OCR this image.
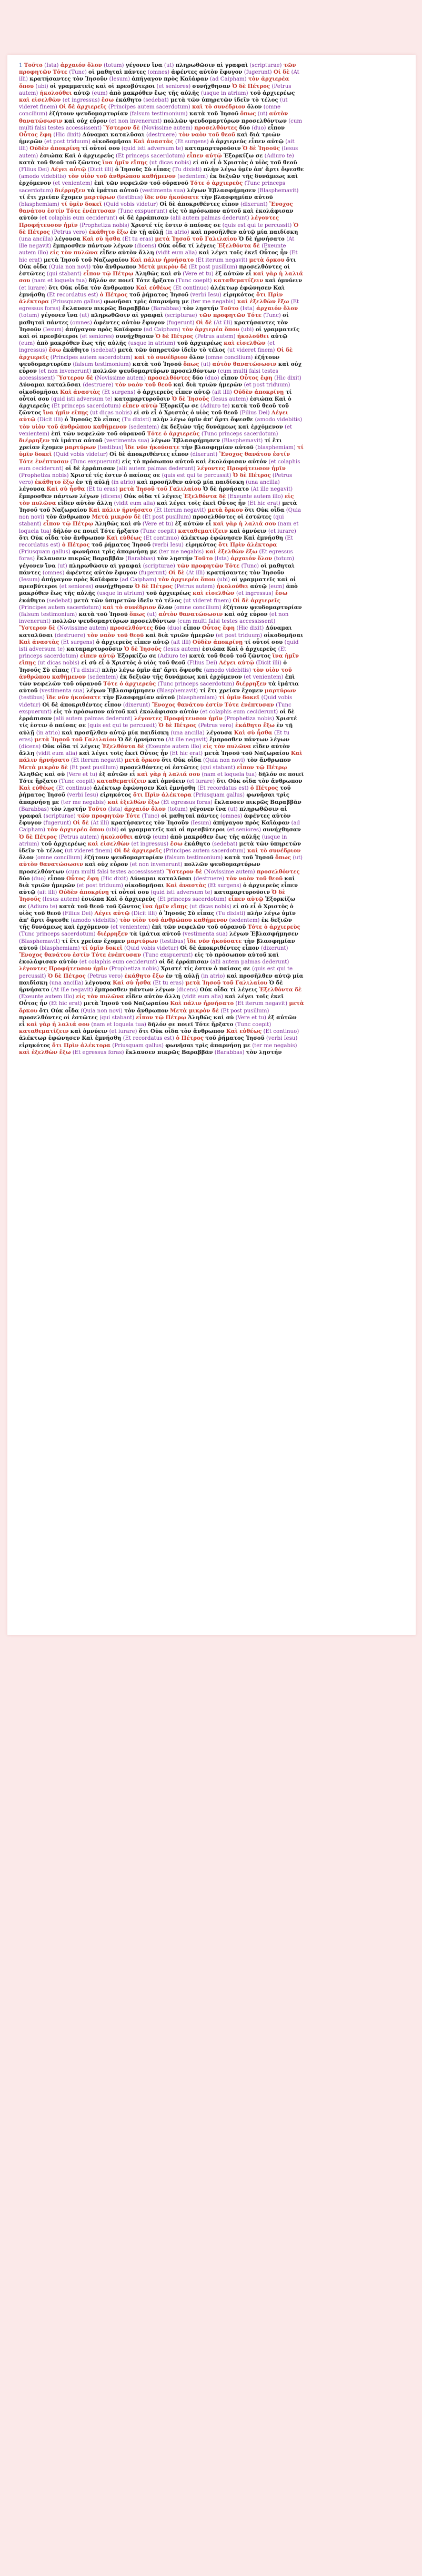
1 Τοῦτο (Ista) ἀρχαιόν ὅλον (totum) γέγονεν ἵνα (ut) πληρωθῶσιν αἱ γραφαὶ (scripturae) τῶν προφητῶν Τότε (Tunc) οἱ μαθηταὶ πάντες (omnes) ἀφέντες αὐτὸν ἔφυγον (fugerunt) Οἱ δὲ (At illi) κρατήσαντες τὸν Ἰησοῦν (Iesum) ἀπήγαγον πρὸς Καϊάφαν (ad Caipham) τὸν ἀρχιερέα ὅπου (ubi) οἱ γραμματεῖς καὶ οἱ πρεσβύτεροι (et seniores) συνήχθησαν Ὁ δὲ Πέτρος (Petrus autem) ἠκολούθει αὐτῷ (eum) ἀπὸ μακρόθεν ἕως τῆς αὐλῆς (usque in atrium) τοῦ ἀρχιερέως καὶ εἰσελθὼν (et ingressus) ἔσω ἐκάθητο (sedebat) μετὰ τῶν ὑπηρετῶν ἰδεῖν τὸ τέλος (ut videret finem) Οἱ δὲ ἀρχιερεῖς (Principes autem sacerdotum) καὶ τὸ συνέδριον ὅλον (omne concilium) ἐζήτουν ψευδομαρτυρίαν (falsum testimonium) κατὰ τοῦ Ἰησοῦ ὅπως (ut) αὐτὸν θανατώσωσιν καὶ οὐχ εὗρον (et non invenerunt) πολλῶν ψευδομαρτύρων προσελθόντων (cum multi falsi testes accessissent) Ὕστερον δὲ (Novissime autem) προσελθόντες δύο (duo) εἶπον Οὗτος ἔφη (Hic dixit) Δύναμαι καταλῦσαι (destruere) τὸν ναὸν τοῦ θεοῦ καὶ διὰ τριῶν ἡμερῶν (et post triduum) οἰκοδομῆσαι Καὶ ἀναστὰς (Et surgens) ὁ ἀρχιερεὺς εἶπεν αὐτῷ (ait illi) Οὐδὲν ἀποκρίνῃ τί οὗτοί σου (quid isti adversum te) καταμαρτυροῦσιν Ὁ δὲ Ἰησοῦς (Iesus autem) ἐσιώπα Καὶ ὁ ἀρχιερεὺς (Et princeps sacerdotum) εἶπεν αὐτῷ Ἐξορκίζω σε (Adiuro te) κατὰ τοῦ θεοῦ τοῦ ζῶντος ἵνα ἡμῖν εἴπῃς (ut dicas nobis) εἰ σὺ εἶ ὁ Χριστὸς ὁ υἱὸς τοῦ θεοῦ (Filius Dei) Λέγει αὐτῷ (Dicit illi) ὁ Ἰησοῦς Σὺ εἶπας (Tu dixisti) πλὴν λέγω ὑμῖν ἀπ' ἄρτι ὄψεσθε (amodo videbitis) τὸν υἱὸν τοῦ ἀνθρώπου καθήμενον (sedentem) ἐκ δεξιῶν τῆς δυνάμεως καὶ ἐρχόμενον (et venientem) ἐπὶ τῶν νεφελῶν τοῦ οὐρανοῦ Τότε ὁ ἀρχιερεὺς (Tunc princeps sacerdotum) διέρρηξεν τὰ ἱμάτια αὐτοῦ (vestimenta sua) λέγων Ἐβλασφήμησεν (Blasphemavit) τί ἔτι χρείαν ἔχομεν μαρτύρων (testibus) ἴδε νῦν ἠκούσατε τὴν βλασφημίαν αὐτοῦ (blasphemiam) τί ὑμῖν δοκεῖ (Quid vobis videtur) Οἱ δὲ ἀποκριθέντες εἶπον (dixerunt) Ἔνοχος θανάτου ἐστίν Τότε ἐνέπτυσαν (Tunc exspuerunt) εἰς τὸ πρόσωπον αὐτοῦ καὶ ἐκολάφισαν αὐτόν (et colaphis eum ceciderunt) οἱ δὲ ἐρράπισαν (alii autem palmas dederunt) λέγοντες Προφήτευσον ἡμῖν (Prophetiza nobis) Χριστέ τίς ἐστιν ὁ παίσας σε (quis est qui te percussit) Ὁ δὲ Πέτρος (Petrus vero) ἐκάθητο ἔξω ἐν τῇ αὐλῇ (in atrio) καὶ προσῆλθεν αὐτῷ μία παιδίσκη (una ancilla) λέγουσα Καὶ σὺ ἦσθα (Et tu eras) μετὰ Ἰησοῦ τοῦ Γαλιλαίου Ὁ δὲ ἠρνήσατο (At ille negavit) ἔμπροσθεν πάντων λέγων (dicens) Οὐκ οἶδα τί λέγεις Ἐξελθόντα δὲ (Exeunte autem illo) εἰς τὸν πυλῶνα εἶδεν αὐτὸν ἄλλη (vidit eum alia) καὶ λέγει τοῖς ἐκεῖ Οὗτος ἦν (Et hic erat) μετὰ Ἰησοῦ τοῦ Ναζωραίου Καὶ πάλιν ἠρνήσατο (Et iterum negavit) μετὰ ὅρκου ὅτι Οὐκ οἶδα (Quia non novi) τὸν ἄνθρωπον Μετὰ μικρὸν δὲ (Et post pusillum) προσελθόντες οἱ ἑστῶτες (qui stabant) εἶπον τῷ Πέτρῳ Ἀληθῶς καὶ σὺ (Vere et tu) ἐξ αὐτῶν εἶ καὶ γὰρ ἡ λαλιά σου (nam et loquela tua) δῆλόν σε ποιεῖ Τότε ἤρξατο (Tunc coepit) καταθεματίζειν καὶ ὀμνύειν (et iurare) ὅτι Οὐκ οἶδα τὸν ἄνθρωπον Καὶ εὐθέως (Et continuo) ἀλέκτωρ ἐφώνησεν Καὶ ἐμνήσθη (Et recordatus est) ὁ Πέτρος τοῦ ῥήματος Ἰησοῦ (verbi Iesu) εἰρηκότος ὅτι Πρὶν ἀλέκτορα (Priusquam gallus) φωνῆσαι τρὶς ἀπαρνήσῃ με (ter me negabis) καὶ ἐξελθὼν ἔξω (Et egressus foras) ἔκλαυσεν πικρῶς Βαραββᾶν (Barabbas) τὸν λῃστήν Τοῦτο (Ista) ἀρχαιόν ὅλον (totum) γέγονεν ἵνα (ut) πληρωθῶσιν αἱ γραφαὶ (scripturae) τῶν προφητῶν Τότε (Tunc) οἱ μαθηταὶ πάντες (omnes) ἀφέντες αὐτὸν ἔφυγον (fugerunt) Οἱ δὲ (At illi) κρατήσαντες τὸν Ἰησοῦν (Iesum) ἀπήγαγον πρὸς Καϊάφαν (ad Caipham) τὸν ἀρχιερέα ὅπου (ubi) οἱ γραμματεῖς καὶ οἱ πρεσβύτεροι (et seniores) συνήχθησαν Ὁ δὲ Πέτρος (Petrus autem) ἠκολούθει αὐτῷ (eum) ἀπὸ μακρόθεν ἕως τῆς αὐλῆς (usque in atrium) τοῦ ἀρχιερέως καὶ εἰσελθὼν (et ingressus) ἔσω ἐκάθητο (sedebat) μετὰ τῶν ὑπηρετῶν ἰδεῖν τὸ τέλος (ut videret finem) Οἱ δὲ ἀρχιερεῖς (Principes autem sacerdotum) καὶ τὸ συνέδριον ὅλον (omne concilium) ἐζήτουν ψευδομαρτυρίαν (falsum testimonium) κατὰ τοῦ Ἰησοῦ ὅπως (ut) αὐτὸν θανατώσωσιν καὶ οὐχ εὗρον (et non invenerunt) πολλῶν ψευδομαρτύρων προσελθόντων (cum multi falsi testes accessissent) Ὕστερον δὲ (Novissime autem) προσελθόντες δύο (duo) εἶπον Οὗτος ἔφη (Hic dixit) Δύναμαι καταλῦσαι (destruere) τὸν ναὸν τοῦ θεοῦ καὶ διὰ τριῶν ἡμερῶν (et post triduum) οἰκοδομῆσαι Καὶ ἀναστὰς (Et surgens) ὁ ἀρχιερεὺς εἶπεν αὐτῷ (ait illi) Οὐδὲν ἀποκρίνῃ τί οὗτοί σου (quid isti adversum te) καταμαρτυροῦσιν Ὁ δὲ Ἰησοῦς (Iesus autem) ἐσιώπα Καὶ ὁ ἀρχιερεὺς (Et princeps sacerdotum) εἶπεν αὐτῷ Ἐξορκίζω σε (Adiuro te) κατὰ τοῦ θεοῦ τοῦ ζῶντος ἵνα ἡμῖν εἴπῃς (ut dicas nobis) εἰ σὺ εἶ ὁ Χριστὸς ὁ υἱὸς τοῦ θεοῦ (Filius Dei) Λέγει αὐτῷ (Dicit illi) ὁ Ἰησοῦς Σὺ εἶπας (Tu dixisti) πλὴν λέγω ὑμῖν ἀπ' ἄρτι ὄψεσθε (amodo videbitis) τὸν υἱὸν τοῦ ἀνθρώπου καθήμενον (sedentem) ἐκ δεξιῶν τῆς δυνάμεως καὶ ἐρχόμενον (et venientem) ἐπὶ τῶν νεφελῶν τοῦ οὐρανοῦ Τότε ὁ ἀρχιερεὺς (Tunc princeps sacerdotum) διέρρηξεν τὰ ἱμάτια αὐτοῦ (vestimenta sua) λέγων Ἐβλασφήμησεν (Blasphemavit) τί ἔτι χρείαν ἔχομεν μαρτύρων (testibus) ἴδε νῦν ἠκούσατε τὴν βλασφημίαν αὐτοῦ (blasphemiam) τί ὑμῖν δοκεῖ (Quid vobis videtur) Οἱ δὲ ἀποκριθέντες εἶπον (dixerunt) Ἔνοχος θανάτου ἐστίν Τότε ἐνέπτυσαν (Tunc exspuerunt) εἰς τὸ πρόσωπον αὐτοῦ καὶ ἐκολάφισαν αὐτόν (et colaphis eum ceciderunt) οἱ δὲ ἐρράπισαν (alii autem palmas dederunt) λέγοντες Προφήτευσον ἡμῖν (Prophetiza nobis) Χριστέ τίς ἐστιν ὁ παίσας σε (quis est qui te percussit) Ὁ δὲ Πέτρος (Petrus vero) ἐκάθητο ἔξω ἐν τῇ αὐλῇ (in atrio) καὶ προσῆλθεν αὐτῷ μία παιδίσκη (una ancilla) λέγουσα Καὶ σὺ ἦσθα (Et tu eras) μετὰ Ἰησοῦ τοῦ Γαλιλαίου Ὁ δὲ ἠρνήσατο (At ille negavit) ἔμπροσθεν πάντων λέγων (dicens) Οὐκ οἶδα τί λέγεις Ἐξελθόντα δὲ (Exeunte autem illo) εἰς τὸν πυλῶνα εἶδεν αὐτὸν ἄλλη (vidit eum alia) καὶ λέγει τοῖς ἐκεῖ Οὗτος ἦν (Et hic erat) μετὰ Ἰησοῦ τοῦ Ναζωραίου Καὶ πάλιν ἠρνήσατο (Et iterum negavit) μετὰ ὅρκου ὅτι Οὐκ οἶδα (Quia non novi) τὸν ἄνθρωπον Μετὰ μικρὸν δὲ (Et post pusillum) προσελθόντες οἱ ἑστῶτες (qui stabant) εἶπον τῷ Πέτρῳ Ἀληθῶς καὶ σὺ (Vere et tu) ἐξ αὐτῶν εἶ καὶ γὰρ ἡ λαλιά σου (nam et loquela tua) δῆλόν σε ποιεῖ Τότε ἤρξατο (Tunc coepit) καταθεματίζειν καὶ ὀμνύειν (et iurare) ὅτι Οὐκ οἶδα τὸν ἄνθρωπον Καὶ εὐθέως (Et continuo) ἀλέκτωρ ἐφώνησεν Καὶ ἐμνήσθη (Et recordatus est) ὁ Πέτρος τοῦ ῥήματος Ἰησοῦ (verbi Iesu) εἰρηκότος ὅτι Πρὶν ἀλέκτορα (Priusquam gallus) φωνῆσαι τρὶς ἀπαρνήσῃ με (ter me negabis) καὶ ἐξελθὼν ἔξω (Et egressus foras) ἔκλαυσεν πικρῶς Βαραββᾶν (Barabbas) τὸν λῃστήν Τοῦτο (Ista) ἀρχαιόν ὅλον (totum) γέγονεν ἵνα (ut) πληρωθῶσιν αἱ γραφαὶ (scripturae) τῶν προφητῶν Τότε (Tunc) οἱ μαθηταὶ πάντες (omnes) ἀφέντες αὐτὸν ἔφυγον (fugerunt) Οἱ δὲ (At illi) κρατήσαντες τὸν Ἰησοῦν (Iesum) ἀπήγαγον πρὸς Καϊάφαν (ad Caipham) τὸν ἀρχιερέα ὅπου (ubi) οἱ γραμματεῖς καὶ οἱ πρεσβύτεροι (et seniores) συνήχθησαν Ὁ δὲ Πέτρος (Petrus autem) ἠκολούθει αὐτῷ (eum) ἀπὸ μακρόθεν ἕως τῆς αὐλῆς (usque in atrium) τοῦ ἀρχιερέως καὶ εἰσελθὼν (et ingressus) ἔσω ἐκάθητο (sedebat) μετὰ τῶν ὑπηρετῶν ἰδεῖν τὸ τέλος (ut videret finem) Οἱ δὲ ἀρχιερεῖς (Principes autem sacerdotum) καὶ τὸ συνέδριον ὅλον (omne concilium) ἐζήτουν ψευδομαρτυρίαν (falsum testimonium) κατὰ τοῦ Ἰησοῦ ὅπως (ut) αὐτὸν θανατώσωσιν καὶ οὐχ εὗρον (et non invenerunt) πολλῶν ψευδομαρτύρων προσελθόντων (cum multi falsi testes accessissent) Ὕστερον δὲ (Novissime autem) προσελθόντες δύο (duo) εἶπον Οὗτος ἔφη (Hic dixit) Δύναμαι καταλῦσαι (destruere) τὸν ναὸν τοῦ θεοῦ καὶ διὰ τριῶν ἡμερῶν (et post triduum) οἰκοδομῆσαι Καὶ ἀναστὰς (Et surgens) ὁ ἀρχιερεὺς εἶπεν αὐτῷ (ait illi) Οὐδὲν ἀποκρίνῃ τί οὗτοί σου (quid isti adversum te) καταμαρτυροῦσιν Ὁ δὲ Ἰησοῦς (Iesus autem) ἐσιώπα Καὶ ὁ ἀρχιερεὺς (Et princeps sacerdotum) εἶπεν αὐτῷ Ἐξορκίζω σε (Adiuro te) κατὰ τοῦ θεοῦ τοῦ ζῶντος ἵνα ἡμῖν εἴπῃς (ut dicas nobis) εἰ σὺ εἶ ὁ Χριστὸς ὁ υἱὸς τοῦ θεοῦ (Filius Dei) Λέγει αὐτῷ (Dicit illi) ὁ Ἰησοῦς Σὺ εἶπας (Tu dixisti) πλὴν λέγω ὑμῖν ἀπ' ἄρτι ὄψεσθε (amodo videbitis) τὸν υἱὸν τοῦ ἀνθρώπου καθήμενον (sedentem) ἐκ δεξιῶν τῆς δυνάμεως καὶ ἐρχόμενον (et venientem) ἐπὶ τῶν νεφελῶν τοῦ οὐρανοῦ Τότε ὁ ἀρχιερεὺς (Tunc princeps sacerdotum) διέρρηξεν τὰ ἱμάτια αὐτοῦ (vestimenta sua) λέγων Ἐβλασφήμησεν (Blasphemavit) τί ἔτι χρείαν ἔχομεν μαρτύρων (testibus) ἴδε νῦν ἠκούσατε τὴν βλασφημίαν αὐτοῦ (blasphemiam) τί ὑμῖν δοκεῖ (Quid vobis videtur) Οἱ δὲ ἀποκριθέντες εἶπον (dixerunt) Ἔνοχος θανάτου ἐστίν Τότε ἐνέπτυσαν (Tunc exspuerunt) εἰς τὸ πρόσωπον αὐτοῦ καὶ ἐκολάφισαν αὐτόν (et colaphis eum ceciderunt) οἱ δὲ ἐρράπισαν (alii autem palmas dederunt) λέγοντες Προφήτευσον ἡμῖν (Prophetiza nobis) Χριστέ τίς ἐστιν ὁ παίσας σε (quis est qui te percussit) Ὁ δὲ Πέτρος (Petrus vero) ἐκάθητο ἔξω ἐν τῇ αὐλῇ (in atrio) καὶ προσῆλθεν αὐτῷ μία παιδίσκη (una ancilla) λέγουσα Καὶ σὺ ἦσθα (Et tu eras) μετὰ Ἰησοῦ τοῦ Γαλιλαίου Ὁ δὲ ἠρνήσατο (At ille negavit) ἔμπροσθεν πάντων λέγων (dicens) Οὐκ οἶδα τί λέγεις Ἐξελθόντα δὲ (Exeunte autem illo) εἰς τὸν πυλῶνα εἶδεν αὐτὸν ἄλλη (vidit eum alia) καὶ λέγει τοῖς ἐκεῖ Οὗτος ἦν (Et hic erat) μετὰ Ἰησοῦ τοῦ Ναζωραίου Καὶ πάλιν ἠρνήσατο (Et iterum negavit) μετὰ ὅρκου ὅτι Οὐκ οἶδα (Quia non novi) τὸν ἄνθρωπον Μετὰ μικρὸν δὲ (Et post pusillum) προσελθόντες οἱ ἑστῶτες (qui stabant) εἶπον τῷ Πέτρῳ Ἀληθῶς καὶ σὺ (Vere et tu) ἐξ αὐτῶν εἶ καὶ γὰρ ἡ λαλιά σου (nam et loquela tua) δῆλόν σε ποιεῖ Τότε ἤρξατο (Tunc coepit) καταθεματίζειν καὶ ὀμνύειν (et iurare) ὅτι Οὐκ οἶδα τὸν ἄνθρωπον Καὶ εὐθέως (Et continuo) ἀλέκτωρ ἐφώνησεν Καὶ ἐμνήσθη (Et recordatus est) ὁ Πέτρος τοῦ ῥήματος Ἰησοῦ (verbi Iesu) εἰρηκότος ὅτι Πρὶν ἀλέκτορα (Priusquam gallus) φωνῆσαι τρὶς ἀπαρνήσῃ με (ter me negabis) καὶ ἐξελθὼν ἔξω (Et egressus foras) ἔκλαυσεν πικρῶς Βαραββᾶν (Barabbas) τὸν λῃστήν Τοῦτο (Ista) ἀρχαιόν ὅλον (totum) γέγονεν ἵνα (ut) πληρωθῶσιν αἱ γραφαὶ (scripturae) τῶν προφητῶν Τότε (Tunc) οἱ μαθηταὶ πάντες (omnes) ἀφέντες αὐτὸν ἔφυγον (fugerunt) Οἱ δὲ (At illi) κρατήσαντες τὸν Ἰησοῦν (Iesum) ἀπήγαγον πρὸς Καϊάφαν (ad Caipham) τὸν ἀρχιερέα ὅπου (ubi) οἱ γραμματεῖς καὶ οἱ πρεσβύτεροι (et seniores) συνήχθησαν Ὁ δὲ Πέτρος (Petrus autem) ἠκολούθει αὐτῷ (eum) ἀπὸ μακρόθεν ἕως τῆς αὐλῆς (usque in atrium) τοῦ ἀρχιερέως καὶ εἰσελθὼν (et ingressus) ἔσω ἐκάθητο (sedebat) μετὰ τῶν ὑπηρετῶν ἰδεῖν τὸ τέλος (ut videret finem) Οἱ δὲ ἀρχιερεῖς (Principes autem sacerdotum) καὶ τὸ συνέδριον ὅλον (omne concilium) ἐζήτουν ψευδομαρτυρίαν (falsum testimonium) κατὰ τοῦ Ἰησοῦ ὅπως (ut) αὐτὸν θανατώσωσιν καὶ οὐχ εὗρον (et non invenerunt) πολλῶν ψευδομαρτύρων προσελθόντων (cum multi falsi testes accessissent) Ὕστερον δὲ (Novissime autem) προσελθόντες δύο (duo) εἶπον Οὗτος ἔφη (Hic dixit) Δύναμαι καταλῦσαι (destruere) τὸν ναὸν τοῦ θεοῦ καὶ διὰ τριῶν ἡμερῶν (et post triduum) οἰκοδομῆσαι Καὶ ἀναστὰς (Et surgens) ὁ ἀρχιερεὺς εἶπεν αὐτῷ (ait illi) Οὐδὲν ἀποκρίνῃ τί οὗτοί σου (quid isti adversum te) καταμαρτυροῦσιν Ὁ δὲ Ἰησοῦς (Iesus autem) ἐσιώπα Καὶ ὁ ἀρχιερεὺς (Et princeps sacerdotum) εἶπεν αὐτῷ Ἐξορκίζω σε (Adiuro te) κατὰ τοῦ θεοῦ τοῦ ζῶντος ἵνα ἡμῖν εἴπῃς (ut dicas nobis) εἰ σὺ εἶ ὁ Χριστὸς ὁ υἱὸς τοῦ θεοῦ (Filius Dei) Λέγει αὐτῷ (Dicit illi) ὁ Ἰησοῦς Σὺ εἶπας (Tu dixisti) πλὴν λέγω ὑμῖν ἀπ' ἄρτι ὄψεσθε (amodo videbitis) τὸν υἱὸν τοῦ ἀνθρώπου καθήμενον (sedentem) ἐκ δεξιῶν τῆς δυνάμεως καὶ ἐρχόμενον (et venientem) ἐπὶ τῶν νεφελῶν τοῦ οὐρανοῦ Τότε ὁ ἀρχιερεὺς (Tunc princeps sacerdotum) διέρρηξεν τὰ ἱμάτια αὐτοῦ (vestimenta sua) λέγων Ἐβλασφήμησεν (Blasphemavit) τί ἔτι χρείαν ἔχομεν μαρτύρων (testibus) ἴδε νῦν ἠκούσατε τὴν βλασφημίαν αὐτοῦ (blasphemiam) τί ὑμῖν δοκεῖ (Quid vobis videtur) Οἱ δὲ ἀποκριθέντες εἶπον (dixerunt) Ἔνοχος θανάτου ἐστίν Τότε ἐνέπτυσαν (Tunc exspuerunt) εἰς τὸ πρόσωπον αὐτοῦ καὶ ἐκολάφισαν αὐτόν (et colaphis eum ceciderunt) οἱ δὲ ἐρράπισαν (alii autem palmas dederunt) λέγοντες Προφήτευσον ἡμῖν (Prophetiza nobis) Χριστέ τίς ἐστιν ὁ παίσας σε (quis est qui te percussit) Ὁ δὲ Πέτρος (Petrus vero) ἐκάθητο ἔξω ἐν τῇ αὐλῇ (in atrio) καὶ προσῆλθεν αὐτῷ μία παιδίσκη (una ancilla) λέγουσα Καὶ σὺ ἦσθα (Et tu eras) μετὰ Ἰησοῦ τοῦ Γαλιλαίου Ὁ δὲ ἠρνήσατο (At ille negavit) ἔμπροσθεν πάντων λέγων (dicens) Οὐκ οἶδα τί λέγεις Ἐξελθόντα δὲ (Exeunte autem illo) εἰς τὸν πυλῶνα εἶδεν αὐτὸν ἄλλη (vidit eum alia) καὶ λέγει τοῖς ἐκεῖ Οὗτος ἦν (Et hic erat) μετὰ Ἰησοῦ τοῦ Ναζωραίου Καὶ πάλιν ἠρνήσατο (Et iterum negavit) μετὰ ὅρκου ὅτι Οὐκ οἶδα (Quia non novi) τὸν ἄνθρωπον Μετὰ μικρὸν δὲ (Et post pusillum) προσελθόντες οἱ ἑστῶτες (qui stabant) εἶπον τῷ Πέτρῳ Ἀληθῶς καὶ σὺ (Vere et tu) ἐξ αὐτῶν εἶ καὶ γὰρ ἡ λαλιά σου (nam et loquela tua) δῆλόν σε ποιεῖ Τότε ἤρξατο (Tunc coepit) καταθεματίζειν καὶ ὀμνύειν (et iurare) ὅτι Οὐκ οἶδα τὸν ἄνθρωπον Καὶ εὐθέως (Et continuo) ἀλέκτωρ ἐφώνησεν Καὶ ἐμνήσθη (Et recordatus est) ὁ Πέτρος τοῦ ῥήματος Ἰησοῦ (verbi Iesu) εἰρηκότος ὅτι Πρὶν ἀλέκτορα (Priusquam gallus) φωνῆσαι τρὶς ἀπαρνήσῃ με (ter me negabis) καὶ ἐξελθὼν ἔξω (Et egressus foras) ἔκλαυσεν πικρῶς Βαραββᾶν (Barabbas) τὸν λῃστήν
